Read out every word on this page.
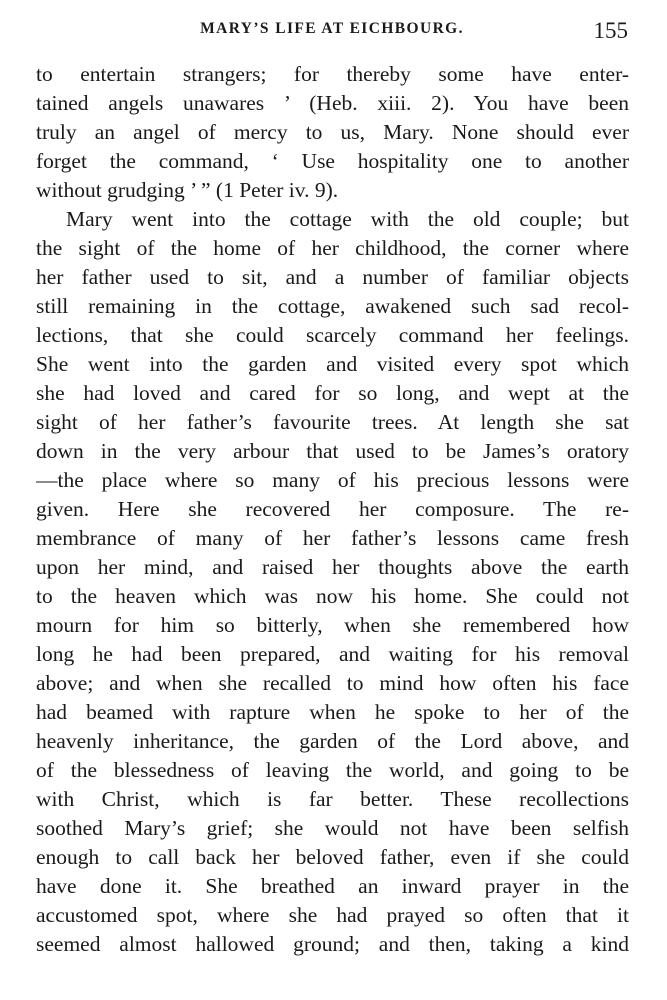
MARY’S LIFE AT EICHBOURG.	155
to entertain strangers; for thereby some have enter-
tained angels unawares ’ (Heb. xiii. 2). You have been
truly an angel of mercy to us, Mary. None should ever
forget the command, ‘ Use hospitality one to another
without grudging ’ ” (1 Peter iv. 9).
Mary went into the cottage with the old couple; but
the sight of the home of her childhood, the corner where
her father used to sit, and a number of familiar objects
still remaining in the cottage, awakened such sad recol-
lections, that she could scarcely command her feelings.
She went into the garden and visited every spot which
she had loved and cared for so long, and wept at the
sight of her father’s favourite trees. At length she sat
down in the very arbour that used to be James’s oratory
—the place where so many of his precious lessons were
given. Here she recovered her composure. The re-
membrance of many of her father’s lessons came fresh
upon her mind, and raised her thoughts above the earth
to the heaven which was now his home. She could not
mourn for him so bitterly, when she remembered how
long he had been prepared, and waiting for his removal
above; and when she recalled to mind how often his face
had beamed with rapture when he spoke to her of the
heavenly inheritance, the garden of the Lord above, and
of the blessedness of leaving the world, and going to be
with Christ, which is far better. These recollections
soothed Mary’s grief; she would not have been selfish
enough to call back her beloved father, even if she could
have done it. She breathed an inward prayer in the
accustomed spot, where she had prayed so often that it
seemed almost hallowed ground; and then, taking a kind
